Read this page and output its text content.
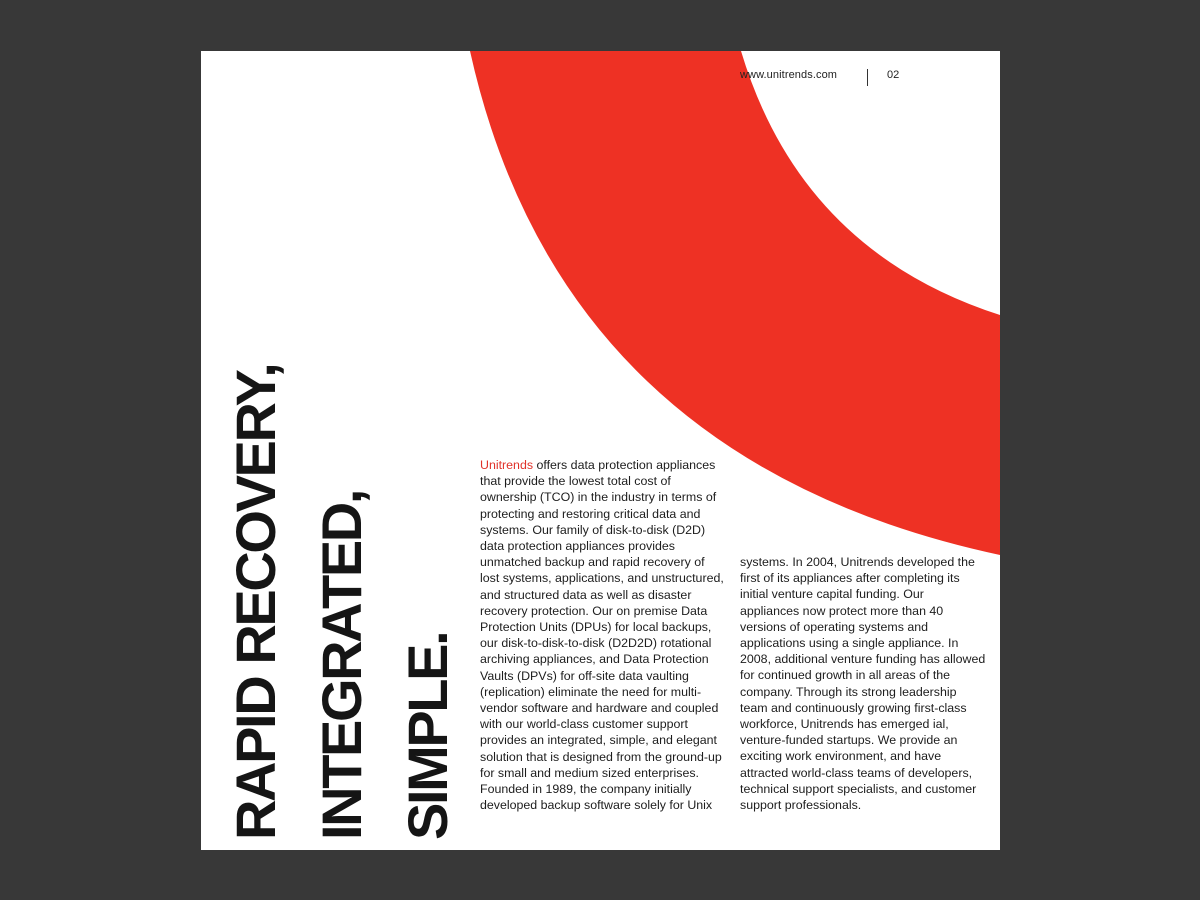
www.unitrends.com	02
RAPID RECOVERY, INTEGRATED, SIMPLE.

Unitrends offers data protection appliances that provide the lowest total cost of ownership (TCO) in the industry in terms of protecting and restoring critical data and systems. Our family of disk-to-disk (D2D) data protection appliances provides unmatched backup and rapid recovery of lost systems, applications, and unstructured, and structured data as well as disaster recovery protection. Our on premise Data Protection Units (DPUs) for local backups, our disk-to-disk-to-disk (D2D2D) rotational archiving appliances, and Data Protection Vaults (DPVs) for off-site data vaulting (replication) eliminate the need for multi-vendor software and hardware and coupled with our world-class customer support provides an integrated, simple, and elegant solution that is designed from the ground-up for small and medium sized enterprises. Founded in 1989, the company initially developed backup software solely for Unix

systems. In 2004, Unitrends developed the first of its appliances after completing its initial venture capital funding. Our appliances now protect more than 40 versions of operating systems and applications using a single appliance. In 2008, additional venture funding has allowed for continued growth in all areas of the company. Through its strong leadership team and continuously growing first-class workforce, Unitrends has emerged ial, venture-funded startups. We provide an exciting work environment, and have attracted world-class teams of developers, technical support specialists, and customer support professionals.
